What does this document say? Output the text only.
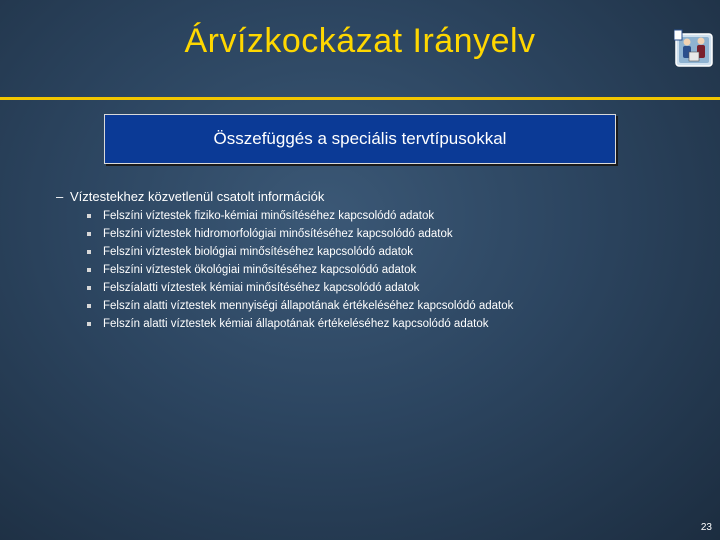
Árvízkockázat Irányelv
Összefüggés a speciális tervtípusokkal
– Víztestekhez közvetlenül csatolt információk
Felszíni víztestek fiziko-kémiai minősítéséhez kapcsolódó adatok
Felszíni víztestek hidromorfológiai minősítéséhez kapcsolódó adatok
Felszíni víztestek biológiai minősítéséhez kapcsolódó adatok
Felszíni víztestek ökológiai minősítéséhez kapcsolódó adatok
Felszíalatti víztestek kémiai minősítéséhez kapcsolódó adatok
Felszín alatti víztestek mennyiségi állapotának értékeléséhez kapcsolódó adatok
Felszín alatti víztestek kémiai állapotának értékeléséhez kapcsolódó adatok
23
